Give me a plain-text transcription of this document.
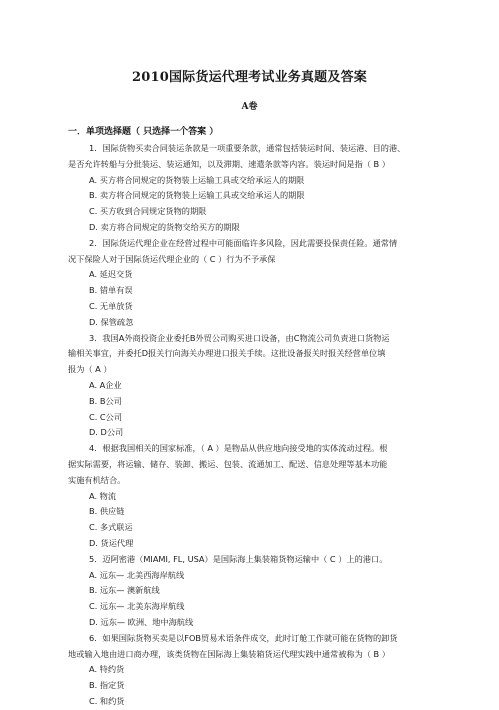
2010国际货运代理考试业务真题及答案
A卷
一．单项选择题（ 只选择一个答案 ）
1．国际货物买卖合同装运条款是一项重要条款，通常包括装运时间、装运港、目的港、
是否允许转船与分批装运、装运通知，以及滞期、速遣条款等内容。装运时间是指（ B ）
A. 买方将合同规定的货物装上运输工具或交给承运人的期限
B. 卖方将合同规定的货物装上运输工具或交给承运人的期限
C. 买方收到合同规定货物的期限
D. 卖方将合同规定的货物交给买方的期限
2．国际货运代理企业在经营过程中可能面临许多风险，因此需要投保责任险。通常情
况下保险人对于国际货运代理企业的（ C ）行为不予承保
A. 延迟交货
B. 错单有误
C. 无单放货
D. 保管疏忽
3．我国A外商投资企业委托B外贸公司购买进口设备，由C物流公司负责进口货物运
输相关事宜，并委托D报关行向海关办理进口报关手续。这批设备报关时报关经营单位填
报为（ A ）
A. A企业
B. B公司
C. C公司
D. D公司
4．根据我国相关的国家标准，（ A ）是物品从供应地向接受地的实体流动过程。根
据实际需要，将运输、储存、装卸、搬运、包装、流通加工、配送、信息处理等基本功能
实施有机结合。
A. 物流
B. 供应链
C. 多式联运
D. 货运代理
5．迈阿密港（MIAMI, FL, USA）是国际海上集装箱货物运输中（ C ）上的港口。
A. 远东— 北美西海岸航线
B. 远东— 澳新航线
C. 远东— 北美东海岸航线
D. 远东— 欧洲、地中海航线
6．如果国际货物买卖是以FOB贸易术语条件成交，此时订舱工作就可能在货物的卸货
地或输入地由进口商办理，该类货物在国际海上集装箱货运代理实践中通常被称为（ B ）
A. 特约货
B. 指定货
C. 和约货
